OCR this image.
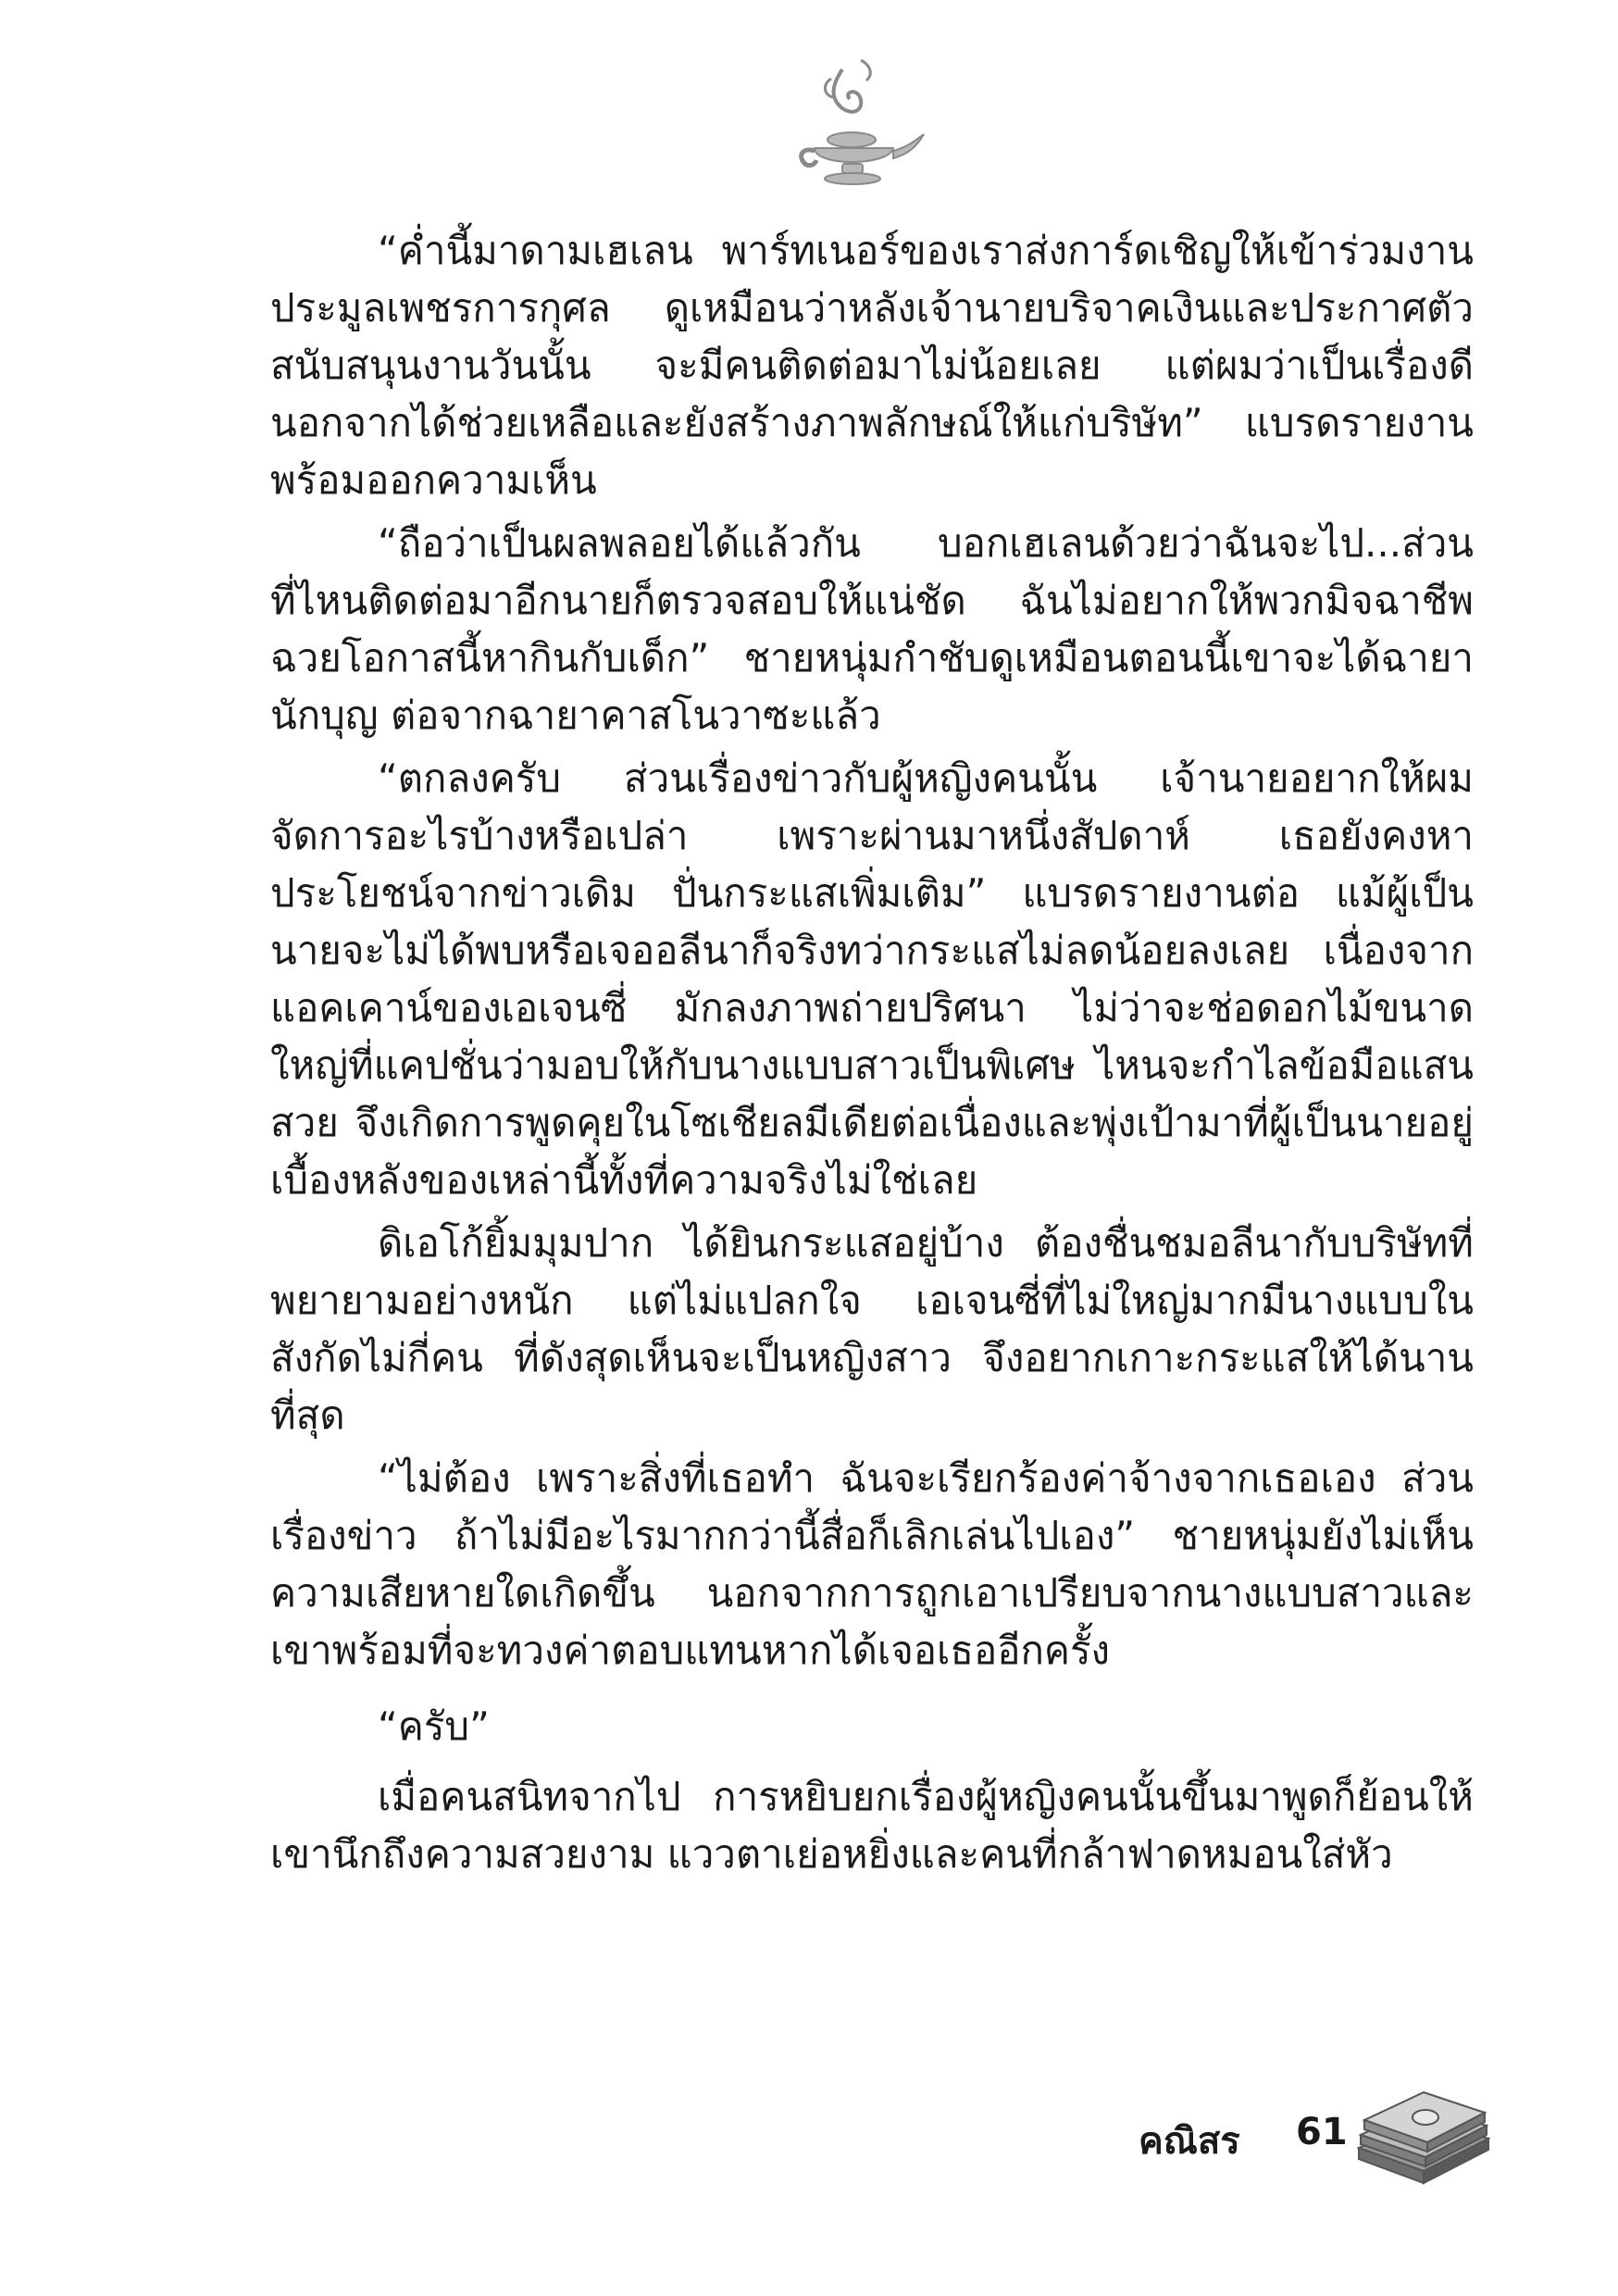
“ค่ำนี้มาดามเฮเลน พาร์ทเนอร์ของเราส่งการ์ดเชิญให้เข้าร่วมงานประมูลเพชรการกุศล ดูเหมือนว่าหลังเจ้านายบริจาคเงินและประกาศตัวสนับสนุนงานวันนั้น จะมีคนติดต่อมาไม่น้อยเลย แต่ผมว่าเป็นเรื่องดีนอกจากได้ช่วยเหลือและยังสร้างภาพลักษณ์ให้แก่บริษัท” แบรดรายงานพร้อมออกความเห็น

“ถือว่าเป็นผลพลอยได้แล้วกัน บอกเฮเลนด้วยว่าฉันจะไป...ส่วนที่ไหนติดต่อมาอีกนายก็ตรวจสอบให้แน่ชัด ฉันไม่อยากให้พวกมิจฉาชีพฉวยโอกาสนี้หากินกับเด็ก” ชายหนุ่มกำชับดูเหมือนตอนนี้เขาจะได้ฉายานักบุญ ต่อจากฉายาคาสโนวาซะแล้ว

“ตกลงครับ ส่วนเรื่องข่าวกับผู้หญิงคนนั้น เจ้านายอยากให้ผมจัดการอะไรบ้างหรือเปล่า เพราะผ่านมาหนึ่งสัปดาห์ เธอยังคงหาประโยชน์จากข่าวเดิม ปั่นกระแสเพิ่มเติม” แบรดรายงานต่อ แม้ผู้เป็นนายจะไม่ได้พบหรือเจออลีนาก็จริงทว่ากระแสไม่ลดน้อยลงเลย เนื่องจากแอคเคาน์ของเอเจนซี่ มักลงภาพถ่ายปริศนา ไม่ว่าจะช่อดอกไม้ขนาดใหญ่ที่แคปชั่นว่ามอบให้กับนางแบบสาวเป็นพิเศษ ไหนจะกำไลข้อมือแสนสวย จึงเกิดการพูดคุยในโซเชียลมีเดียต่อเนื่องและพุ่งเป้ามาที่ผู้เป็นนายอยู่เบื้องหลังของเหล่านี้ทั้งที่ความจริงไม่ใช่เลย

ดิเอโก้ยิ้มมุมปาก ได้ยินกระแสอยู่บ้าง ต้องชื่นชมอลีนากับบริษัทที่พยายามอย่างหนัก แต่ไม่แปลกใจ เอเจนซี่ที่ไม่ใหญ่มากมีนางแบบในสังกัดไม่กี่คน ที่ดังสุดเห็นจะเป็นหญิงสาว จึงอยากเกาะกระแสให้ได้นานที่สุด

“ไม่ต้อง เพราะสิ่งที่เธอทำ ฉันจะเรียกร้องค่าจ้างจากเธอเอง ส่วนเรื่องข่าว ถ้าไม่มีอะไรมากกว่านี้สื่อก็เลิกเล่นไปเอง” ชายหนุ่มยังไม่เห็นความเสียหายใดเกิดขึ้น นอกจากการถูกเอาเปรียบจากนางแบบสาวและเขาพร้อมที่จะทวงค่าตอบแทนหากได้เจอเธออีกครั้ง

“ครับ”

เมื่อคนสนิทจากไป การหยิบยกเรื่องผู้หญิงคนนั้นขึ้นมาพูดก็ย้อนให้เขานึกถึงความสวยงาม แววตาเย่อหยิ่งและคนที่กล้าฟาดหมอนใส่หัว

คณิสร 61
